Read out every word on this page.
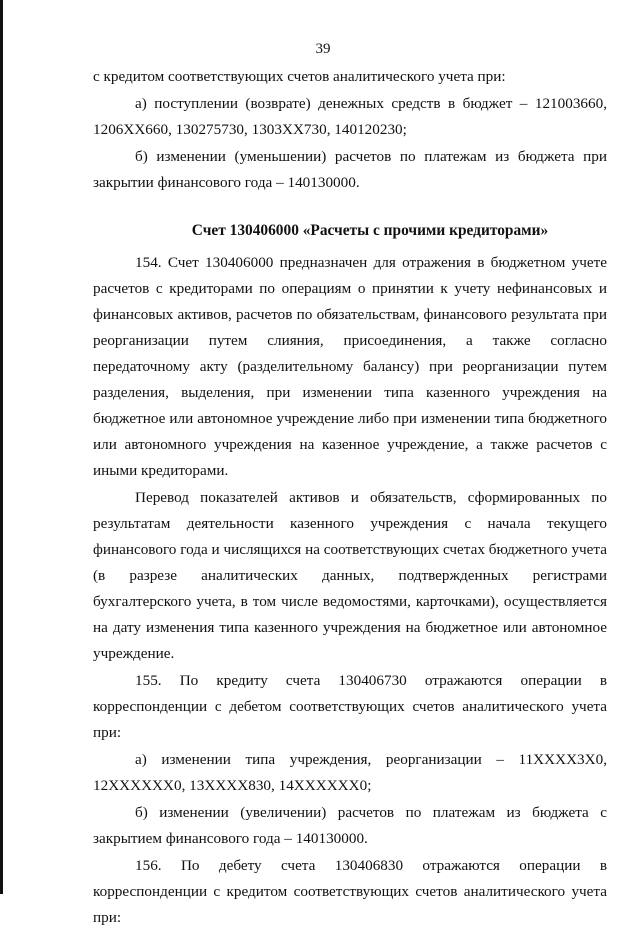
39

с кредитом соответствующих счетов аналитического учета при:

а) поступлении (возврате) денежных средств в бюджет – 121003660, 1206ХХ660, 130275730, 1303ХХ730, 140120230;

б) изменении (уменьшении) расчетов по платежам из бюджета при закрытии финансового года – 140130000.

Счет 130406000 «Расчеты с прочими кредиторами»

154. Счет 130406000 предназначен для отражения в бюджетном учете расчетов с кредиторами по операциям о принятии к учету нефинансовых и финансовых активов, расчетов по обязательствам, финансового результата при реорганизации путем слияния, присоединения, а также согласно передаточному акту (разделительному балансу) при реорганизации путем разделения, выделения, при изменении типа казенного учреждения на бюджетное или автономное учреждение либо при изменении типа бюджетного или автономного учреждения на казенное учреждение, а также расчетов с иными кредиторами.

Перевод показателей активов и обязательств, сформированных по результатам деятельности казенного учреждения с начала текущего финансового года и числящихся на соответствующих счетах бюджетного учета (в разрезе аналитических данных, подтвержденных регистрами бухгалтерского учета, в том числе ведомостями, карточками), осуществляется на дату изменения типа казенного учреждения на бюджетное или автономное учреждение.

155. По кредиту счета 130406730 отражаются операции в корреспонденции с дебетом соответствующих счетов аналитического учета при:

а) изменении типа учреждения, реорганизации – 11ХХХХ3Х0, 12ХХХХХХ0, 13ХХХХ830, 14ХХХХХХ0;

б) изменении (увеличении) расчетов по платежам из бюджета с закрытием финансового года – 140130000.

156. По дебету счета 130406830 отражаются операции в корреспонденции с кредитом соответствующих счетов аналитического учета при:
